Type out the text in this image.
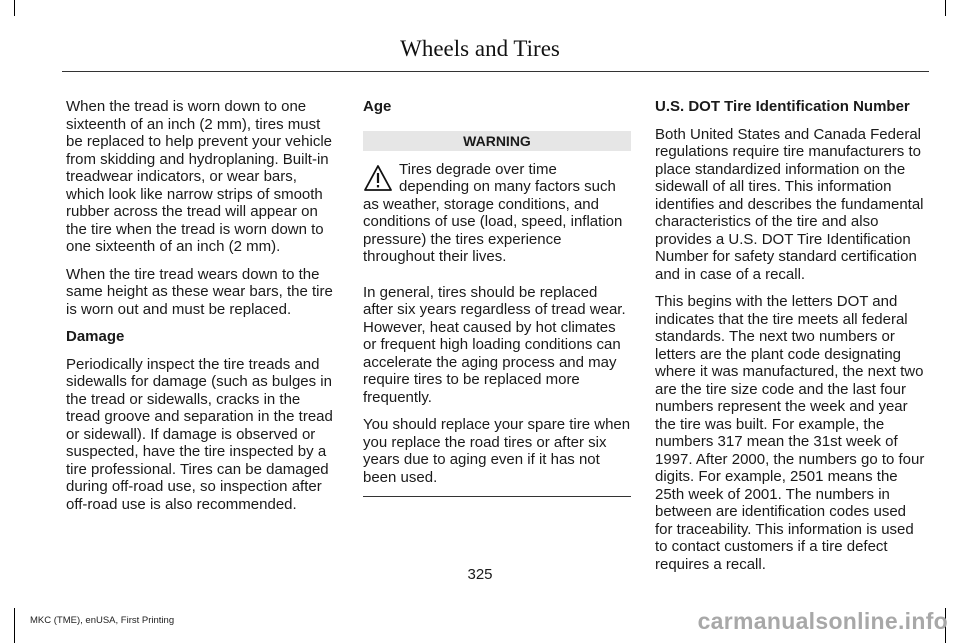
Wheels and Tires

When the tread is worn down to one sixteenth of an inch (2 mm), tires must be replaced to help prevent your vehicle from skidding and hydroplaning. Built-in treadwear indicators, or wear bars, which look like narrow strips of smooth rubber across the tread will appear on the tire when the tread is worn down to one sixteenth of an inch (2 mm).

When the tire tread wears down to the same height as these wear bars, the tire is worn out and must be replaced.

Damage

Periodically inspect the tire treads and sidewalls for damage (such as bulges in the tread or sidewalls, cracks in the tread groove and separation in the tread or sidewall). If damage is observed or suspected, have the tire inspected by a tire professional. Tires can be damaged during off-road use, so inspection after off-road use is also recommended.

Age

WARNING
Tires degrade over time depending on many factors such as weather, storage conditions, and conditions of use (load, speed, inflation pressure) the tires experience throughout their lives.

In general, tires should be replaced after six years regardless of tread wear. However, heat caused by hot climates or frequent high loading conditions can accelerate the aging process and may require tires to be replaced more frequently.

You should replace your spare tire when you replace the road tires or after six years due to aging even if it has not been used.

U.S. DOT Tire Identification Number

Both United States and Canada Federal regulations require tire manufacturers to place standardized information on the sidewall of all tires. This information identifies and describes the fundamental characteristics of the tire and also provides a U.S. DOT Tire Identification Number for safety standard certification and in case of a recall.

This begins with the letters DOT and indicates that the tire meets all federal standards. The next two numbers or letters are the plant code designating where it was manufactured, the next two are the tire size code and the last four numbers represent the week and year the tire was built. For example, the numbers 317 mean the 31st week of 1997. After 2000, the numbers go to four digits. For example, 2501 means the 25th week of 2001. The numbers in between are identification codes used for traceability. This information is used to contact customers if a tire defect requires a recall.

325
MKC (TME), enUSA, First Printing	carmanualsonline.info
